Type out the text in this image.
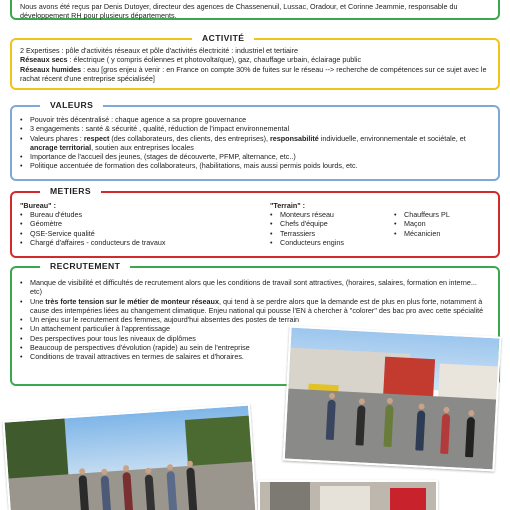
Nous avons été reçus par Denis Dutoyer, directeur des agences de Chassenenuil, Lussac, Oradour, et Corinne Jeammie, responsable du développement RH pour plusieurs départements.

ACTIVITÉ

2 Expertises : pôle d'activités réseaux et pôle d'activités électricité : industriel et tertiaire

Réseaux secs : électrique ( y compris éoliennes et photovoltaïque), gaz, chauffage urbain, éclairage public

Réseaux humides : eau [gros enjeu à venir : en France on compte 30% de fuites sur le réseau --> recherche de compétences sur ce sujet avec le rachat récent d'une entreprise spécialisée]

VALEURS
• Pouvoir très décentralisé : chaque agence a sa propre gouvernance
• 3 engagements : santé & sécurité , qualité, réduction de l'impact environnemental
• Valeurs phares : respect (des collaborateurs, des clients, des entreprises), responsabilité individuelle, environnementale et sociétale, et ancrage territorial, soutien aux entreprises locales
• Importance de l'accueil des jeunes, (stages de découverte, PFMP, alternance, etc..)
• Politique accentuée de formation des collaborateurs, (habilitations, mais aussi permis poids lourds, etc.
METIERS
"Bureau" :
• Bureau d'études
• Géomètre
• QSE-Service qualité
• Chargé d'affaires - conducteurs de travaux
"Terrain" :
• Monteurs réseau
• Chefs d'équipe
• Terrassiers
• Conducteurs engins
• Chauffeurs PL
• Maçon
• Mécanicien
RECRUTEMENT
• Manque de visibilité et difficultés de recrutement alors que les conditions de travail sont attractives, (horaires, salaires, formation en interne... etc)
• Une très forte tension sur le métier de monteur réseaux, qui tend à se perdre alors que la demande est de plus en plus forte, notamment à cause des intempéries liées au changement climatique. Enjeu national qui pousse l'EN à chercher à "colorer" des bac pro avec cette spécialité
• Un enjeu sur le recrutement des femmes, aujourd'hui absentes des postes de terrain
• Un attachement particulier à l'apprentissage
• Des perspectives pour tous les niveaux de diplômes
• Beaucoup de perspectives d'évolution (rapide) au sein de l'entreprise
• Conditions de travail attractives en termes de salaires et d'horaires.
